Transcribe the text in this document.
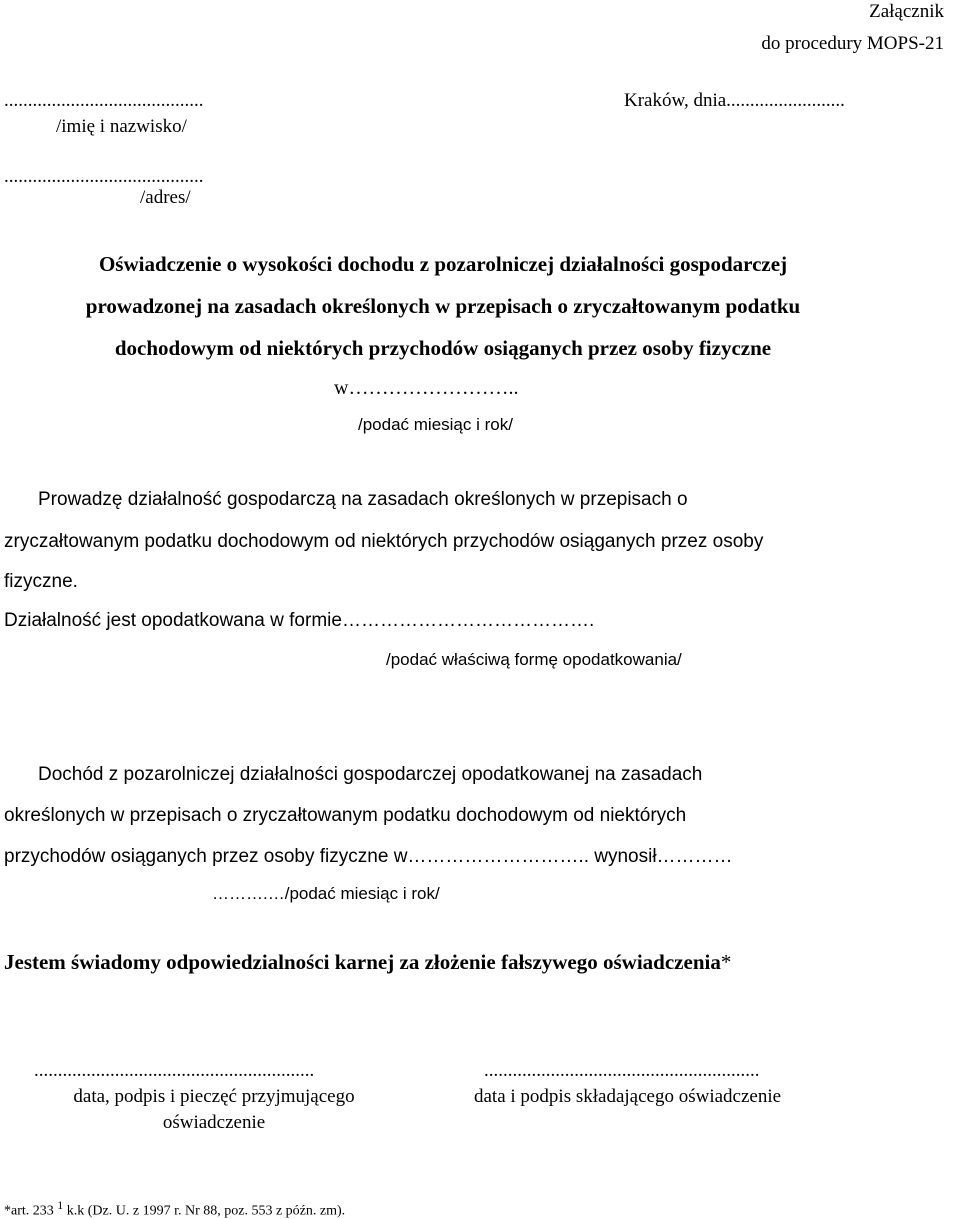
Załącznik
do procedury MOPS-21
..........................................
/imię i nazwisko/
Kraków, dnia.........................
..........................................
/adres/
Oświadczenie o wysokości dochodu z pozarolniczej działalności gospodarczej
prowadzonej na zasadach określonych w przepisach o zryczałtowanym podatku
dochodowym od niektórych przychodów osiąganych przez osoby fizyczne
w……………………..
/podać miesiąc i rok/
Prowadzę działalność gospodarczą na zasadach określonych w przepisach o
zryczałtowanym podatku dochodowym od niektórych przychodów osiąganych przez osoby
fizyczne.
Działalność jest opodatkowana w formie………………………………….
/podać właściwą formę opodatkowania/
Dochód z pozarolniczej działalności gospodarczej opodatkowanej na zasadach
określonych w przepisach o zryczałtowanym podatku dochodowym od niektórych
przychodów osiąganych przez osoby fizyczne w……………………….. wynosił…………
……….…/podać miesiąc i rok/
Jestem świadomy odpowiedzialności karnej za złożenie fałszywego oświadczenia*
...........................................................
data, podpis i pieczęć przyjmującego
oświadczenie
..........................................................
data i podpis składającego oświadczenie
*art. 233 $^1$ k.k (Dz. U. z 1997 r. Nr 88, poz. 553 z późn. zm).
